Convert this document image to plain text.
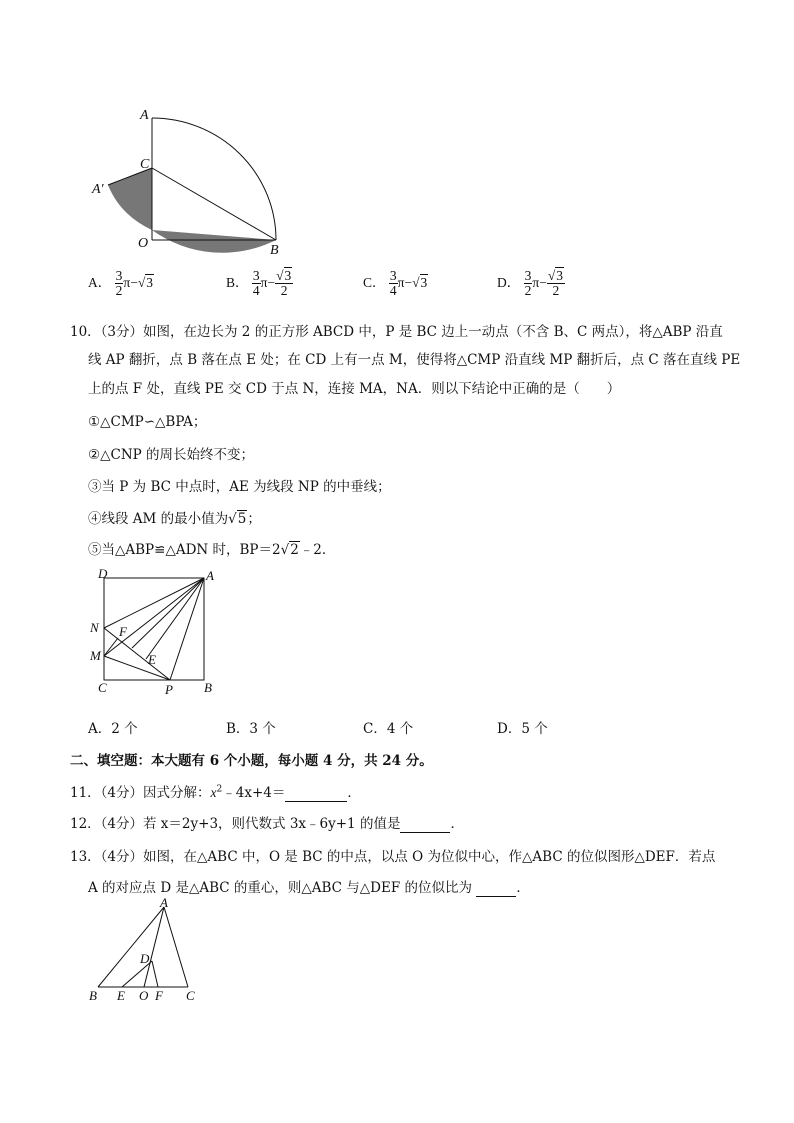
A
C
A′
O	B
A． $\frac{3}{2} \pi-√3$	B． $\frac{3}{4} \pi- \frac{√3}{2}$	C． $\frac{3}{4} \pi-√3$	D． $\frac{3}{2} \pi- \frac{√3}{2}$
10．（3分）如图，在边长为 2 的正方形 ABCD 中，P 是 BC 边上一动点（不含 B、C 两点），将△ABP 沿直
线 AP 翻折，点 B 落在点 E 处；在 CD 上有一点 M，使得将△CMP 沿直线 MP 翻折后，点 C 落在直线 PE
上的点 F 处，直线 PE 交 CD 于点 N，连接 MA，NA．则以下结论中正确的是（　　）
①△CMP∽△BPA；
②△CNP 的周长始终不变；
③当 P 为 BC 中点时，AE 为线段 NP 的中垂线；
④线段 AM 的最小值为√5；
⑤当△ABP≌△ADN 时，BP＝2√2﹣2．
D	A
N F
M	E
C	P B
A．2 个	B．3 个	C．4 个	D．5 个
二、填空题：本大题有 6 个小题，每小题 4 分，共 24 分。
11．（4分）因式分解：$x^2﹣4x+4=$	．
12．（4分）若 x＝2y+3，则代数式 3x﹣6y+1 的值是	．
13．（4分）如图，在△ABC 中，O 是 BC 的中点，以点 O 为位似中心，作△ABC 的位似图形△DEF．若点
A 的对应点 D 是△ABC 的重心，则△ABC 与△DEF 的位似比为	．
A
D
B E O F C
